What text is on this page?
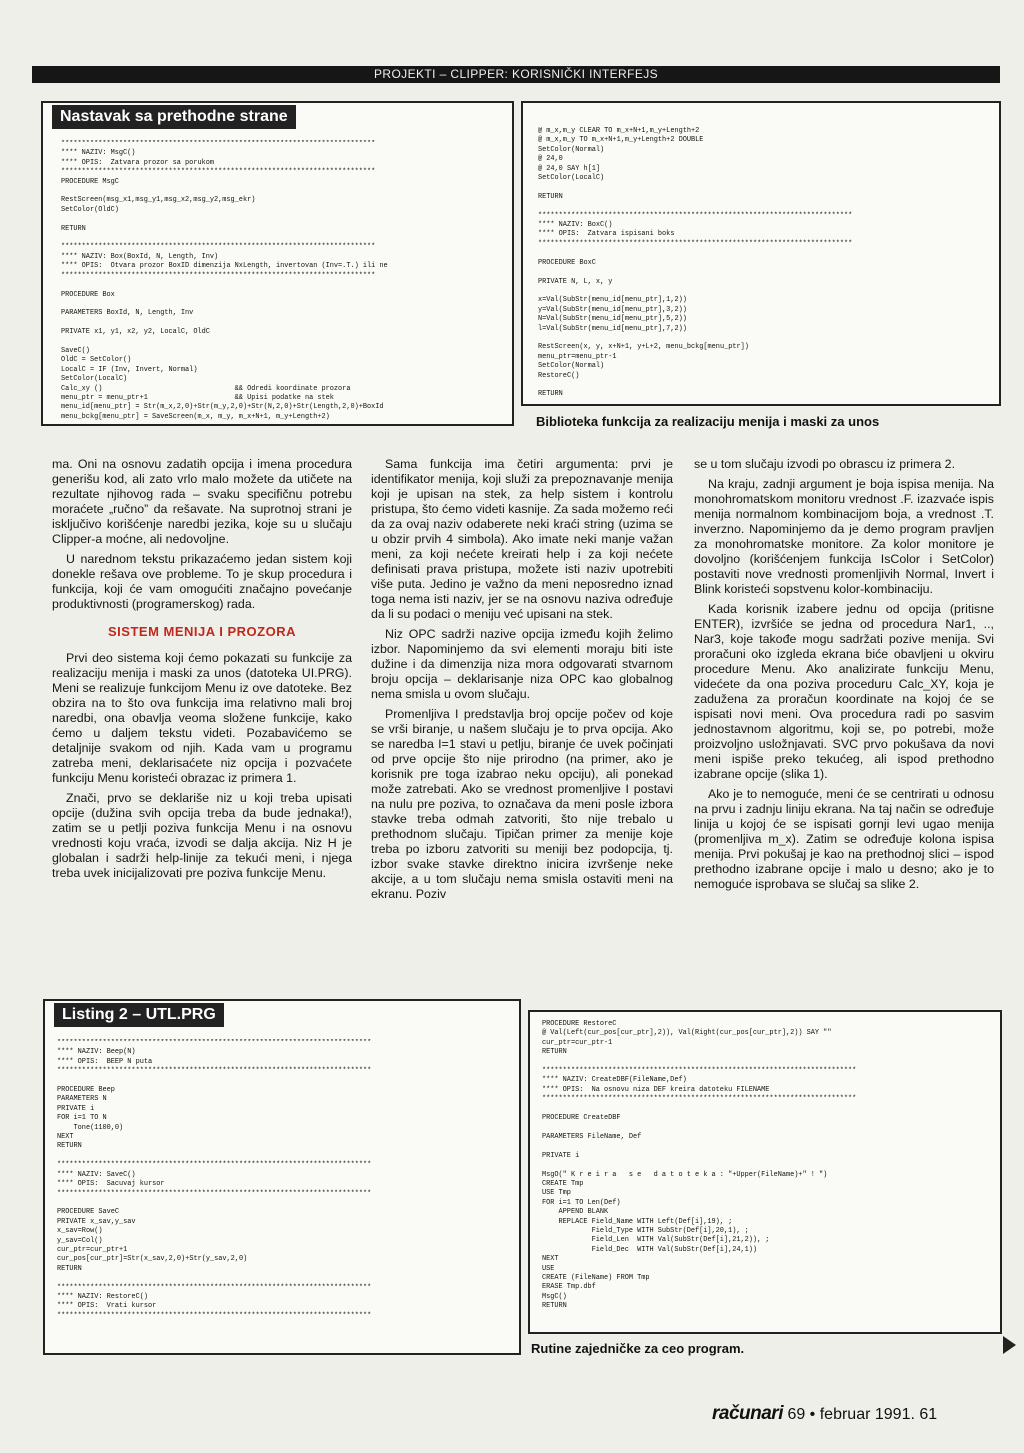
PROJEKTI – CLIPPER: KORISNIČKI INTERFEJS
Nastavak sa prethodne strane
****************************************************************************
**** NAZIV: MsgC()
**** OPIS:  Zatvara prozor sa porukom
****************************************************************************
PROCEDURE MsgC

RestScreen(msg_x1,msg_y1,msg_x2,msg_y2,msg_ekr)
SetColor(OldC)

RETURN

****************************************************************************
**** NAZIV: Box(BoxId, N, Length, Inv)
**** OPIS:  Otvara prozor BoxID dimenzija NxLength, invertovan (Inv=.T.) ili ne
****************************************************************************

PROCEDURE Box

PARAMETERS BoxId, N, Length, Inv

PRIVATE x1, y1, x2, y2, LocalC, OldC

SaveC()
OldC = SetColor()
LocalC = IF (Inv, Invert, Normal)
SetColor(LocalC)
Calc_xy ()                                && Odredi koordinate prozora
menu_ptr = menu_ptr+1                     && Upisi podatke na stek
menu_id[menu_ptr] = Str(m_x,2,0)+Str(m_y,2,0)+Str(N,2,0)+Str(Length,2,0)+BoxId
menu_bckg[menu_ptr] = SaveScreen(m_x, m_y, m_x+N+1, m_y+Length+2)
@ m_x,m_y CLEAR TO m_x+N+1,m_y+Length+2
@ m_x,m_y TO m_x+N+1,m_y+Length+2 DOUBLE
SetColor(Normal)
@ 24,0
@ 24,0 SAY h[1]
SetColor(LocalC)

RETURN

****************************************************************************
**** NAZIV: BoxC()
**** OPIS:  Zatvara ispisani boks
****************************************************************************

PROCEDURE BoxC

PRIVATE N, L, x, y

x=Val(SubStr(menu_id[menu_ptr],1,2))
y=Val(SubStr(menu_id[menu_ptr],3,2))
N=Val(SubStr(menu_id[menu_ptr],5,2))
l=Val(SubStr(menu_id[menu_ptr],7,2))

RestScreen(x, y, x+N+1, y+L+2, menu_bckg[menu_ptr])
menu_ptr=menu_ptr-1
SetColor(Normal)
RestoreC()

RETURN
Biblioteka funkcija za realizaciju menija i maski za unos

ma. Oni na osnovu zadatih opcija i imena procedura generišu kod, ali zato vrlo malo možete da utičete na rezultate njihovog rada – svaku specifičnu potrebu moraćete „ručno” da rešavate. Na suprotnoj strani je isključivo korišćenje naredbi jezika, koje su u slučaju Clipper-a moćne, ali nedovoljne.

U narednom tekstu prikazaćemo jedan sistem koji donekle rešava ove probleme. To je skup procedura i funkcija, koji će vam omogućiti značajno povećanje produktivnosti (programerskog) rada.

SISTEM MENIJA I PROZORA

Prvi deo sistema koji ćemo pokazati su funkcije za realizaciju menija i maski za unos (datoteka UI.PRG). Meni se realizuje funkcijom Menu iz ove datoteke. Bez obzira na to što ova funkcija ima relativno mali broj naredbi, ona obavlja veoma složene funkcije, kako ćemo u daljem tekstu videti. Pozabavićemo se detaljnije svakom od njih. Kada vam u programu zatreba meni, deklarisaćete niz opcija i pozvaćete funkciju Menu koristeći obrazac iz primera 1.

Znači, prvo se deklariše niz u koji treba upisati opcije (dužina svih opcija treba da bude jednaka!), zatim se u petlji poziva funkcija Menu i na osnovu vrednosti koju vraća, izvodi se dalja akcija. Niz H je globalan i sadrži help-linije za tekući meni, i njega treba uvek inicijalizovati pre poziva funkcije Menu.

Sama funkcija ima četiri argumenta: prvi je identifikator menija, koji služi za prepoznavanje menija koji je upisan na stek, za help sistem i kontrolu pristupa, što ćemo videti kasnije. Za sada možemo reći da za ovaj naziv odaberete neki kraći string (uzima se u obzir prvih 4 simbola). Ako imate neki manje važan meni, za koji nećete kreirati help i za koji nećete definisati prava pristupa, možete isti naziv upotrebiti više puta. Jedino je važno da meni neposredno iznad toga nema isti naziv, jer se na osnovu naziva određuje da li su podaci o meniju već upisani na stek.

Niz OPC sadrži nazive opcija između kojih želimo izbor. Napominjemo da svi elementi moraju biti iste dužine i da dimenzija niza mora odgovarati stvarnom broju opcija – deklarisanje niza OPC kao globalnog nema smisla u ovom slučaju.

Promenljiva I predstavlja broj opcije počev od koje se vrši biranje, u našem slučaju je to prva opcija. Ako se naredba I=1 stavi u petlju, biranje će uvek počinjati od prve opcije što nije prirodno (na primer, ako je korisnik pre toga izabrao neku opciju), ali ponekad može zatrebati. Ako se vrednost promenljive I postavi na nulu pre poziva, to označava da meni posle izbora stavke treba odmah zatvoriti, što nije trebalo u prethodnom slučaju. Tipičan primer za menije koje treba po izboru zatvoriti su meniji bez podopcija, tj. izbor svake stavke direktno inicira izvršenje neke akcije, a u tom slučaju nema smisla ostaviti meni na ekranu. Poziv

se u tom slučaju izvodi po obrascu iz primera 2.

Na kraju, zadnji argument je boja ispisa menija. Na monohromatskom monitoru vrednost .F. izazvaće ispis menija normalnom kombinacijom boja, a vrednost .T. inverzno. Napominjemo da je demo program pravljen za monohromatske monitore. Za kolor monitore je dovoljno (korišćenjem funkcija IsColor i SetColor) postaviti nove vrednosti promenljivih Normal, Invert i Blink koristeći sopstvenu kolor-kombinaciju.

Kada korisnik izabere jednu od opcija (pritisne ENTER), izvršiće se jedna od procedura Nar1, .., Nar3, koje takođe mogu sadržati pozive menija. Svi proračuni oko izgleda ekrana biće obavljeni u okviru procedure Menu. Ako analizirate funkciju Menu, videćete da ona poziva proceduru Calc_XY, koja je zadužena za proračun koordinate na kojoj će se ispisati novi meni. Ova procedura radi po sasvim jednostavnom algoritmu, koji se, po potrebi, može proizvoljno usložnjavati. SVC prvo pokušava da novi meni ispiše preko tekućeg, ali ispod prethodno izabrane opcije (slika 1).

Ako je to nemoguće, meni će se centrirati u odnosu na prvu i zadnju liniju ekrana. Na taj način se određuje linija u kojoj će se ispisati gornji levi ugao menija (promenljiva m_x). Zatim se određuje kolona ispisa menija. Prvi pokušaj je kao na prethodnoj slici – ispod prethodno izabrane opcije i malo u desno; ako je to nemoguće isprobava se slučaj sa slike 2.

Listing 2 – UTL.PRG
****************************************************************************
**** NAZIV: Beep(N)
**** OPIS:  BEEP N puta
****************************************************************************

PROCEDURE Beep
PARAMETERS N
PRIVATE i
FOR i=1 TO N
Tone(1100,0)
NEXT
RETURN

****************************************************************************
**** NAZIV: SaveC()
**** OPIS:  Sacuvaj kursor
****************************************************************************

PROCEDURE SaveC
PRIVATE x_sav,y_sav
x_sav=Row()
y_sav=Col()
cur_ptr=cur_ptr+1
cur_pos[cur_ptr]=Str(x_sav,2,0)+Str(y_sav,2,0)
RETURN

****************************************************************************
**** NAZIV: RestoreC()
**** OPIS:  Vrati kursor
****************************************************************************
PROCEDURE RestoreC
@ Val(Left(cur_pos[cur_ptr],2)), Val(Right(cur_pos[cur_ptr],2)) SAY ""
cur_ptr=cur_ptr-1
RETURN

****************************************************************************
**** NAZIV: CreateDBF(FileName,Def)
**** OPIS:  Na osnovu niza DEF kreira datoteku FILENAME
****************************************************************************

PROCEDURE CreateDBF

PARAMETERS FileName, Def

PRIVATE i

MsgO(" K r e i r a   s e   d a t o t e k a : "+Upper(FileName)+" ! ")
CREATE Tmp
USE Tmp
FOR i=1 TO Len(Def)
APPEND BLANK
REPLACE Field_Name WITH Left(Def[i],19), ;
Field_Type WITH SubStr(Def[i],20,1), ;
Field_Len  WITH Val(SubStr(Def[i],21,2)), ;
Field_Dec  WITH Val(SubStr(Def[i],24,1))
NEXT
USE
CREATE (FileName) FROM Tmp
ERASE Tmp.dbf
MsgC()
RETURN
Rutine zajedničke za ceo program.
računari 69 • februar 1991. 61
